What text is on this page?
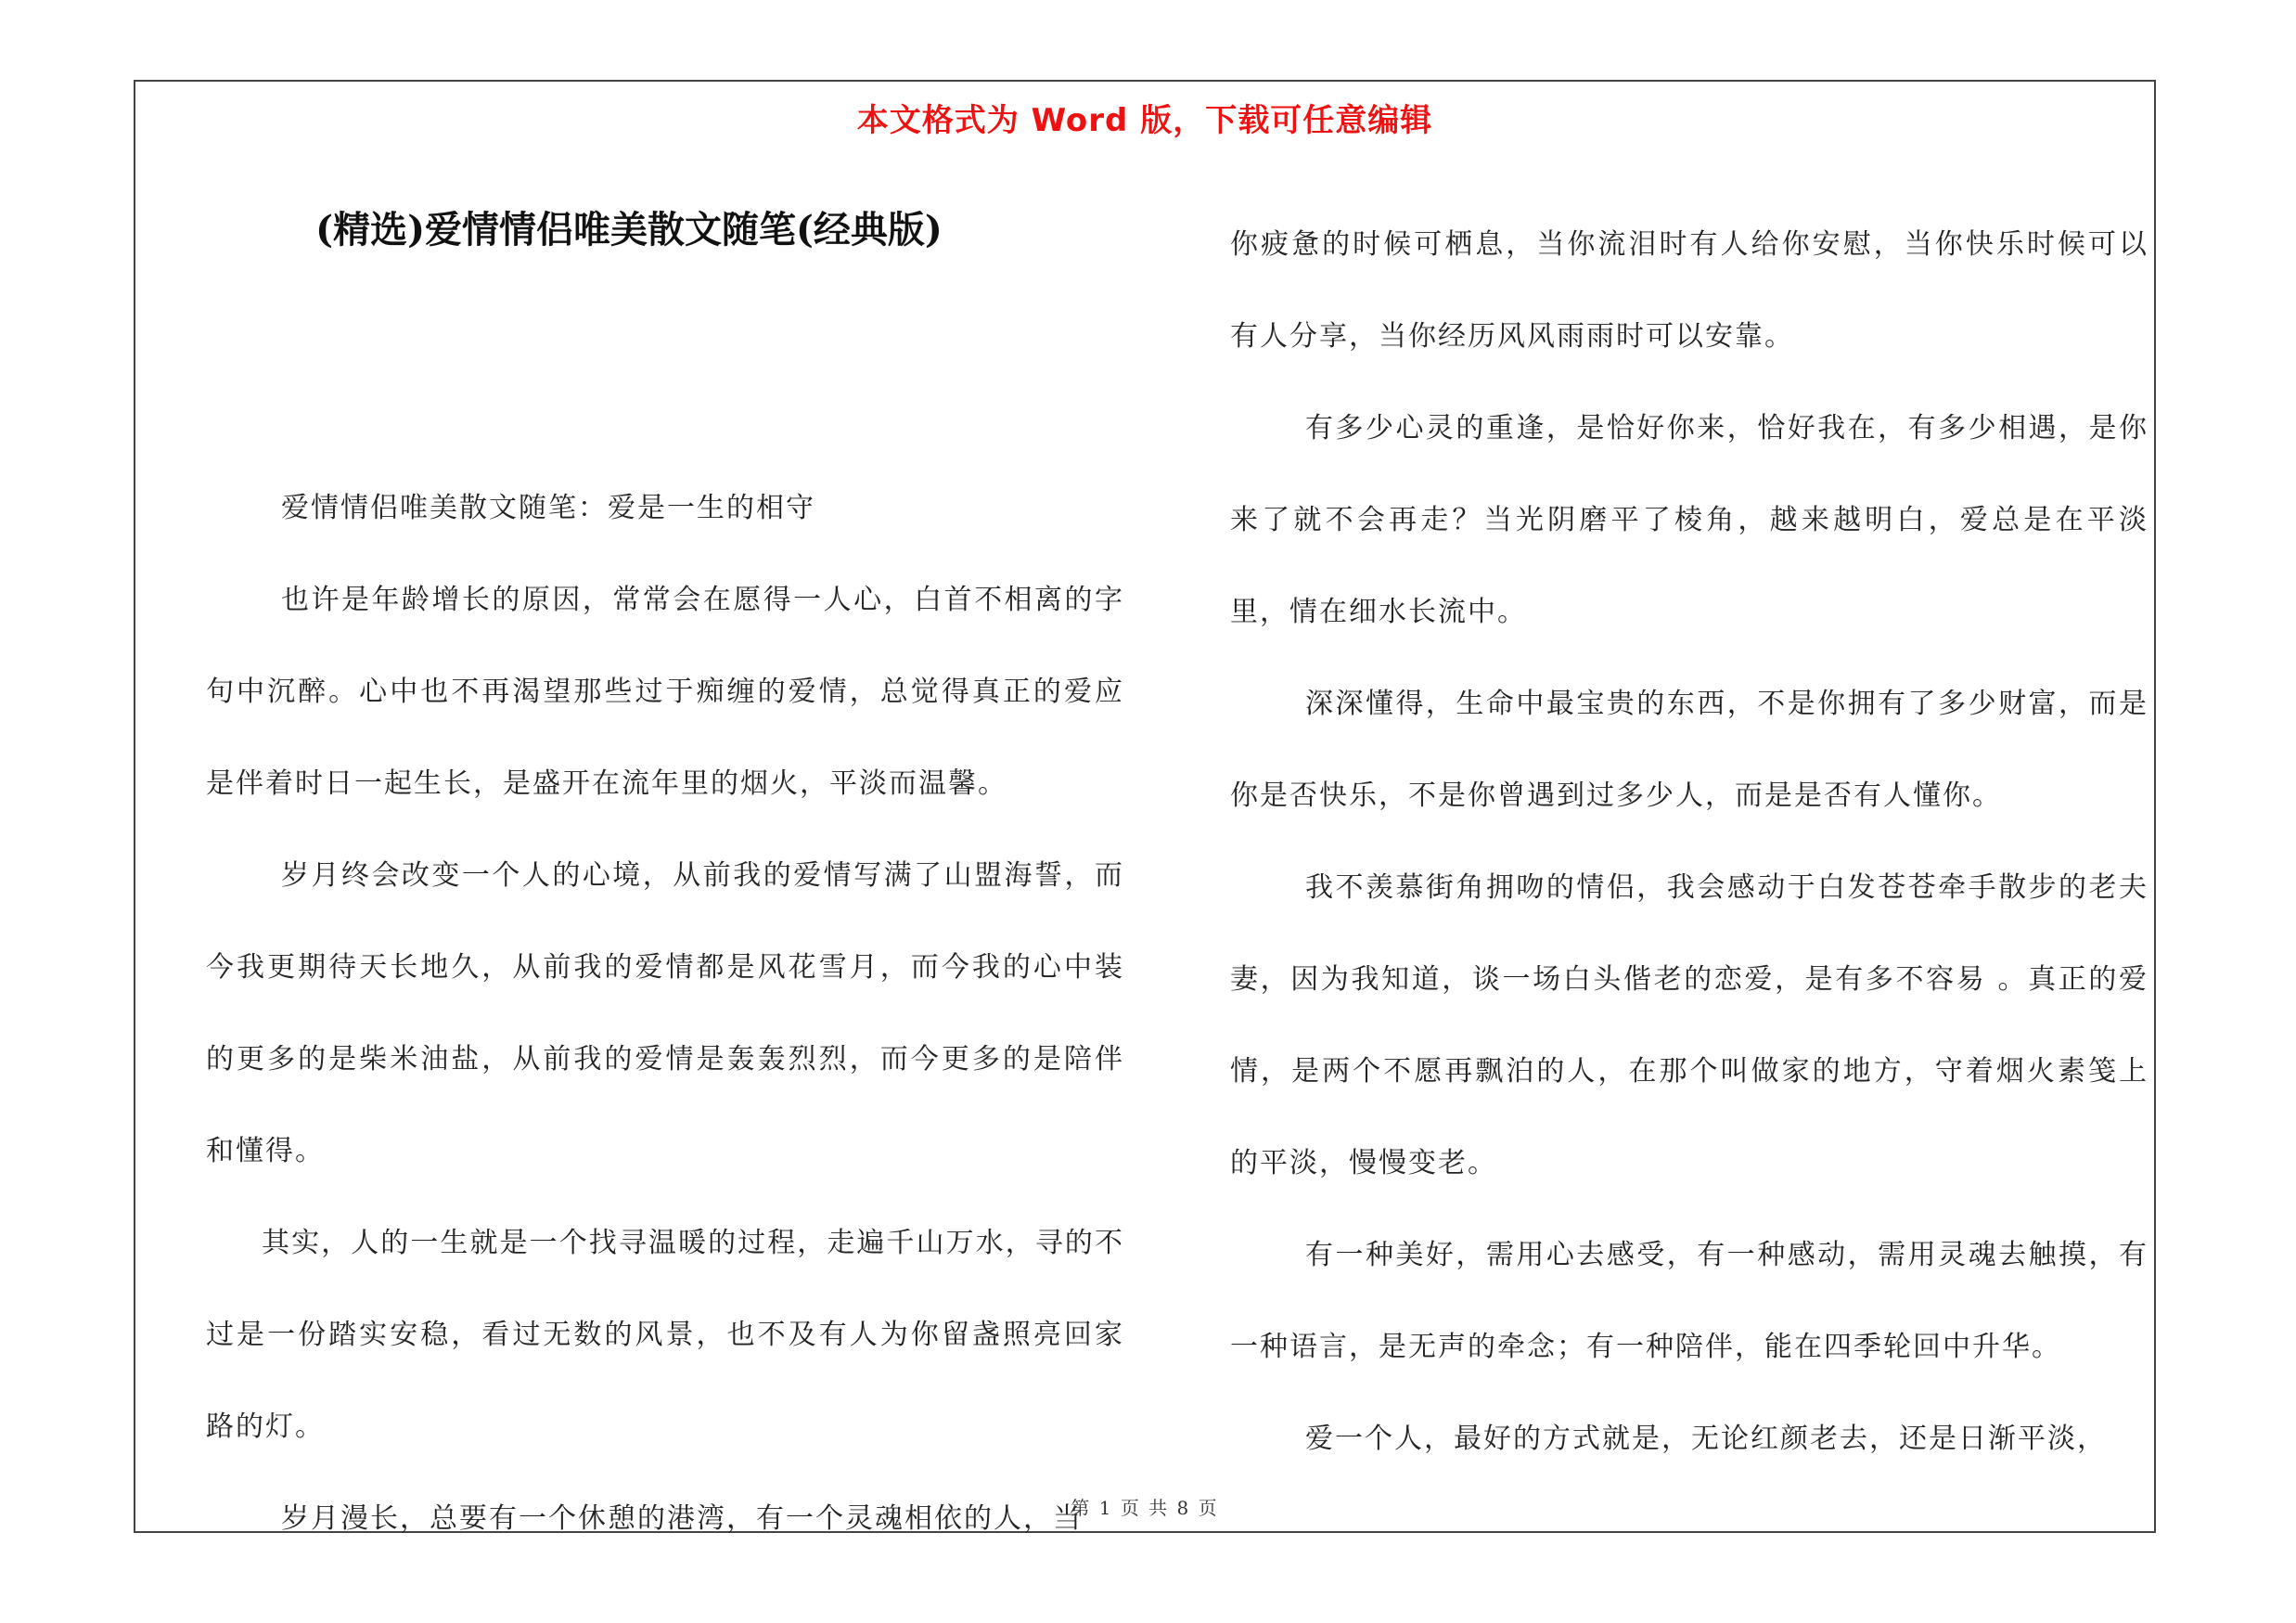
本文格式为 Word 版，下载可任意编辑
(精选)爱情情侣唯美散文随笔(经典版)

爱情情侣唯美散文随笔：爱是一生的相守

也许是年龄增长的原因，常常会在愿得一人心，白首不相离的字句中沉醉。心中也不再渴望那些过于痴缠的爱情，总觉得真正的爱应是伴着时日一起生长，是盛开在流年里的烟火，平淡而温馨。

岁月终会改变一个人的心境，从前我的爱情写满了山盟海誓，而今我更期待天长地久，从前我的爱情都是风花雪月，而今我的心中装的更多的是柴米油盐，从前我的爱情是轰轰烈烈，而今更多的是陪伴和懂得。

其实，人的一生就是一个找寻温暖的过程，走遍千山万水，寻的不过是一份踏实安稳，看过无数的风景，也不及有人为你留盏照亮回家路的灯。

岁月漫长，总要有一个休憩的港湾，有一个灵魂相依的人，当

你疲惫的时候可栖息，当你流泪时有人给你安慰，当你快乐时候可以有人分享，当你经历风风雨雨时可以安靠。

有多少心灵的重逢，是恰好你来，恰好我在，有多少相遇，是你来了就不会再走？当光阴磨平了棱角，越来越明白，爱总是在平淡里，情在细水长流中。

深深懂得，生命中最宝贵的东西，不是你拥有了多少财富，而是你是否快乐，不是你曾遇到过多少人，而是是否有人懂你。

我不羡慕街角拥吻的情侣，我会感动于白发苍苍牵手散步的老夫妻，因为我知道，谈一场白头偕老的恋爱，是有多不容易 。真正的爱情，是两个不愿再飘泊的人，在那个叫做家的地方，守着烟火素笺上的平淡，慢慢变老。

有一种美好，需用心去感受，有一种感动，需用灵魂去触摸，有一种语言，是无声的牵念；有一种陪伴，能在四季轮回中升华。

爱一个人，最好的方式就是，无论红颜老去，还是日渐平淡，

第 1 页 共 8 页
